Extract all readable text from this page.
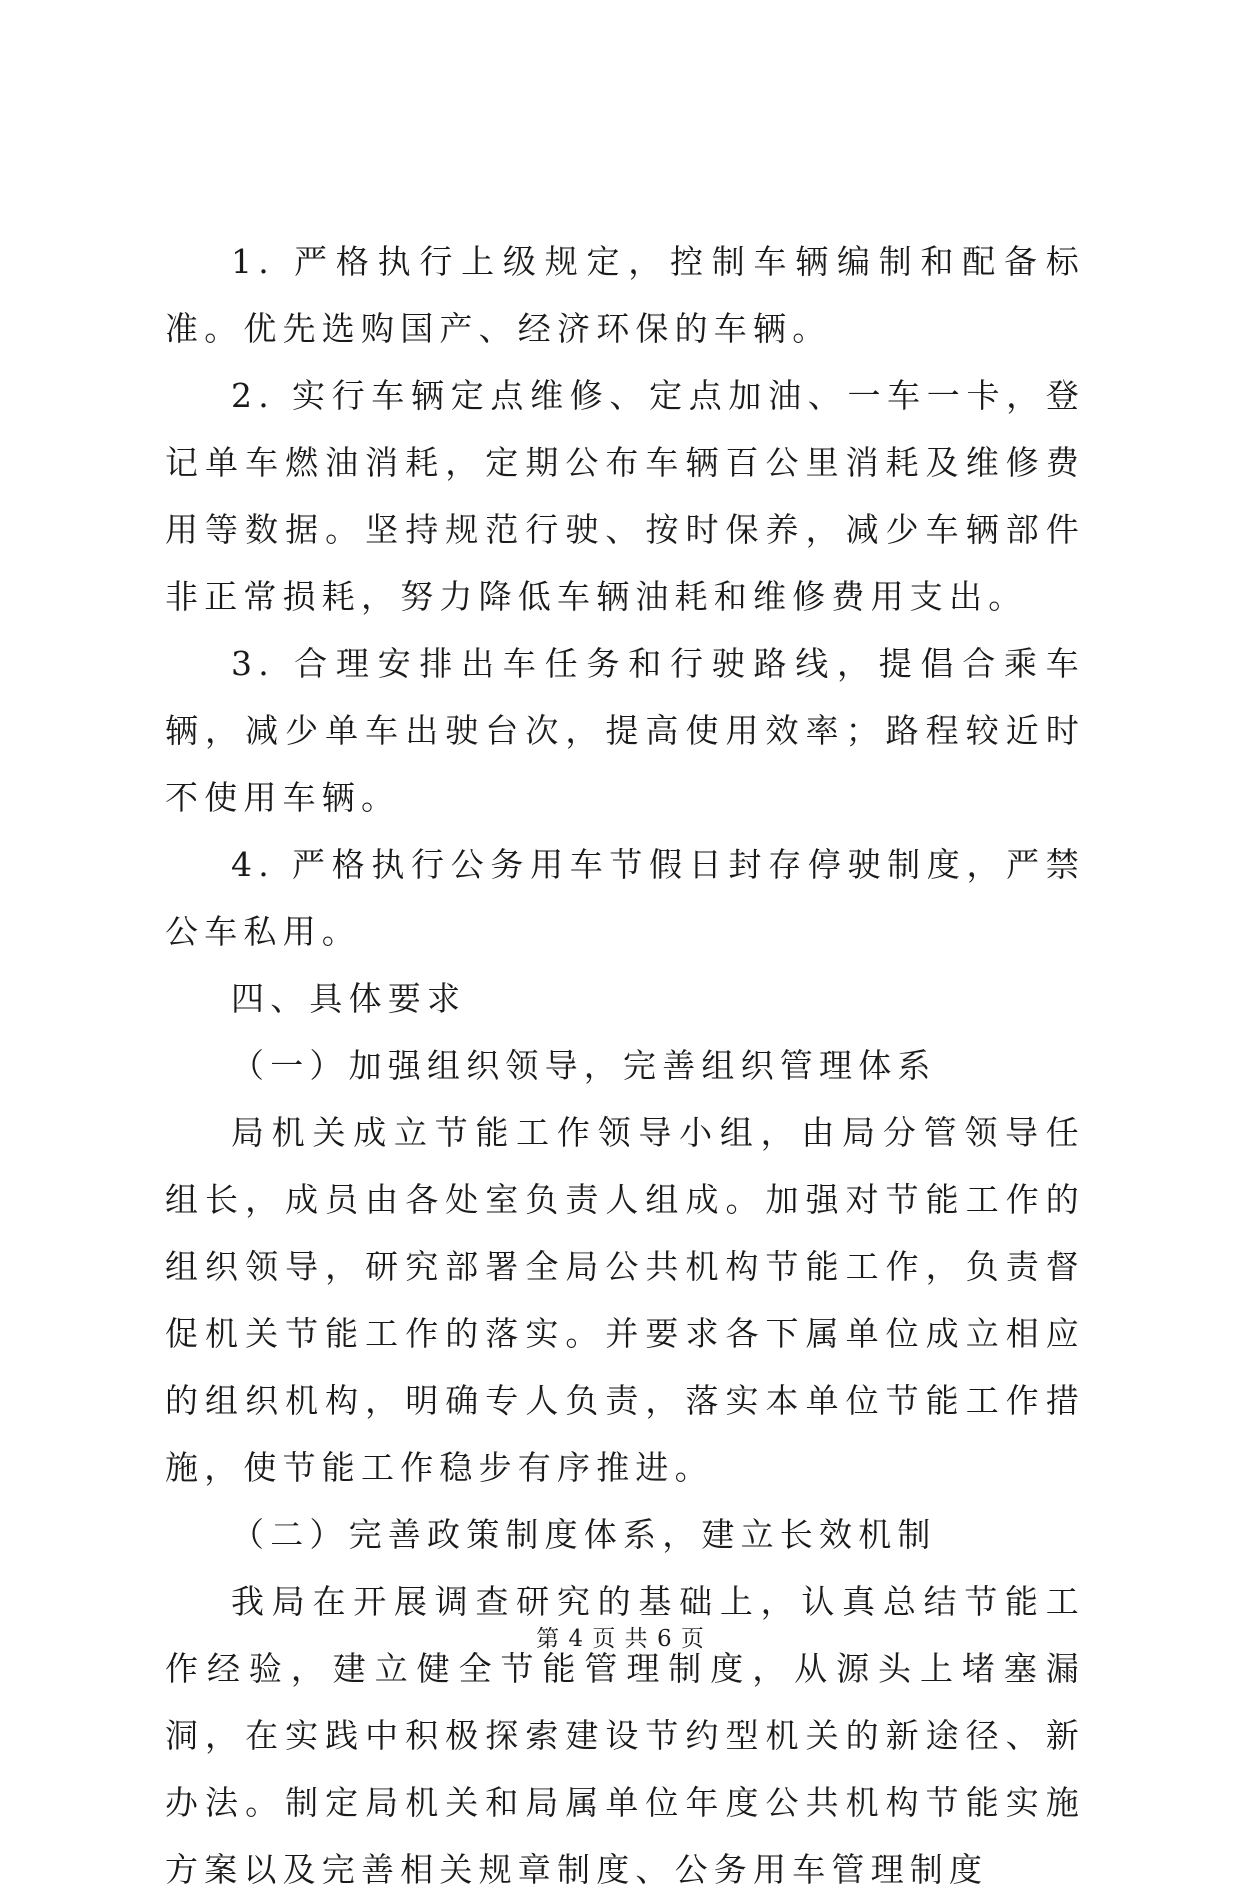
1. 严格执行上级规定，控制车辆编制和配备标准。优先选购国产、经济环保的车辆。

2. 实行车辆定点维修、定点加油、一车一卡，登记单车燃油消耗，定期公布车辆百公里消耗及维修费用等数据。坚持规范行驶、按时保养，减少车辆部件非正常损耗，努力降低车辆油耗和维修费用支出。

3. 合理安排出车任务和行驶路线，提倡合乘车辆，减少单车出驶台次，提高使用效率；路程较近时不使用车辆。

4. 严格执行公务用车节假日封存停驶制度，严禁公车私用。

四、具体要求

（一）加强组织领导，完善组织管理体系

局机关成立节能工作领导小组，由局分管领导任组长，成员由各处室负责人组成。加强对节能工作的组织领导，研究部署全局公共机构节能工作，负责督促机关节能工作的落实。并要求各下属单位成立相应的组织机构，明确专人负责，落实本单位节能工作措施，使节能工作稳步有序推进。

（二）完善政策制度体系，建立长效机制

我局在开展调查研究的基础上，认真总结节能工作经验，建立健全节能管理制度，从源头上堵塞漏洞，在实践中积极探索建设节约型机关的新途径、新办法。制定局机关和局属单位年度公共机构节能实施方案以及完善相关规章制度、公务用车管理制度

第 4 页 共 6 页
